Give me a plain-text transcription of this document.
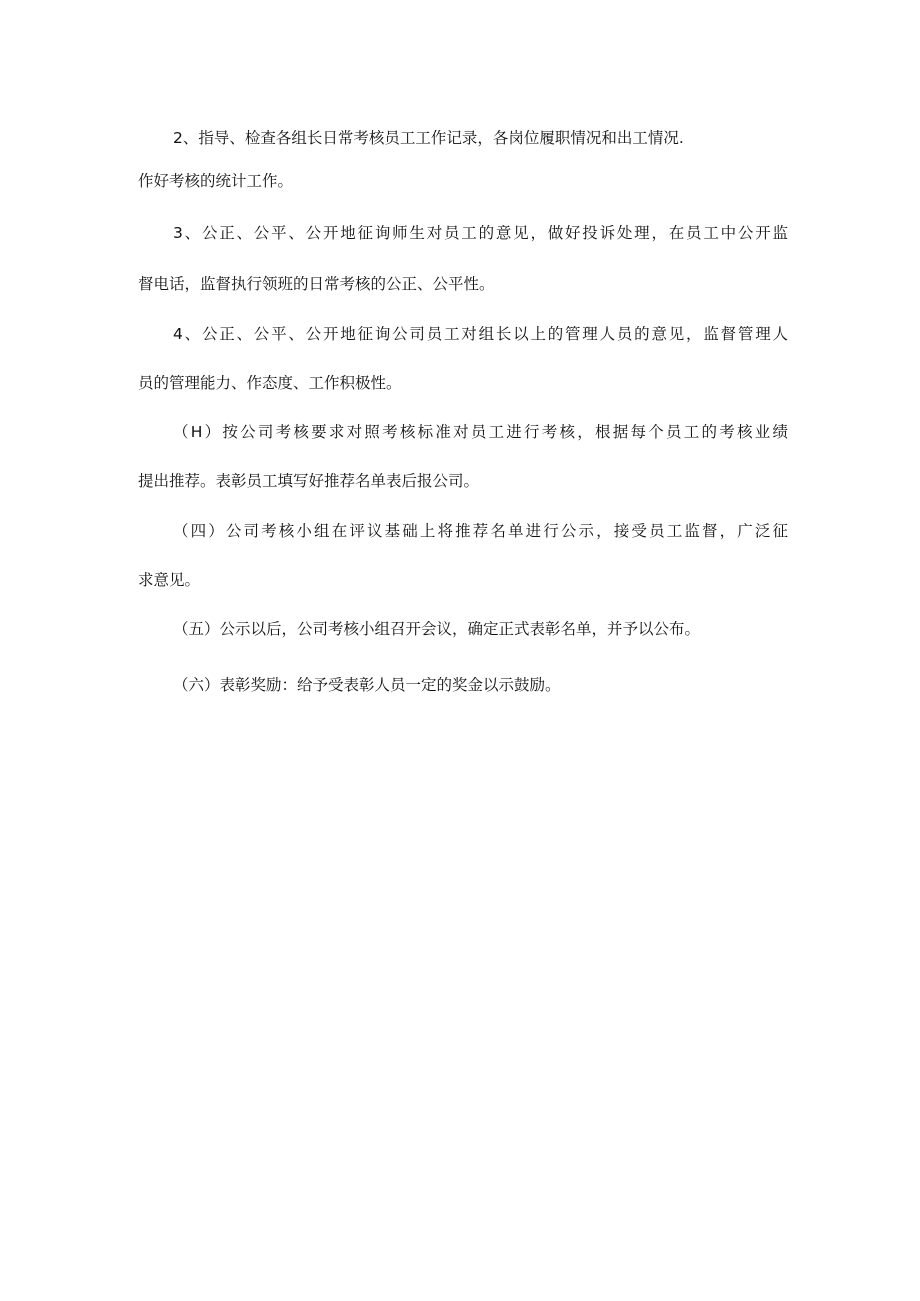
2、指导、检查各组长日常考核员工工作记录，各岗位履职情况和出工情况.
作好考核的统计工作。
3、公正、公平、公开地征询师生对员工的意见，做好投诉处理，在员工中公开监
督电话，监督执行领班的日常考核的公正、公平性。
4、公正、公平、公开地征询公司员工对组长以上的管理人员的意见，监督管理人
员的管理能力、作态度、工作积极性。
（H）按公司考核要求对照考核标准对员工进行考核，根据每个员工的考核业绩
提出推荐。表彰员工填写好推荐名单表后报公司。
（四）公司考核小组在评议基础上将推荐名单进行公示，接受员工监督，广泛征
求意见。
（五）公示以后，公司考核小组召开会议，确定正式表彰名单，并予以公布。
（六）表彰奖励：给予受表彰人员一定的奖金以示鼓励。
